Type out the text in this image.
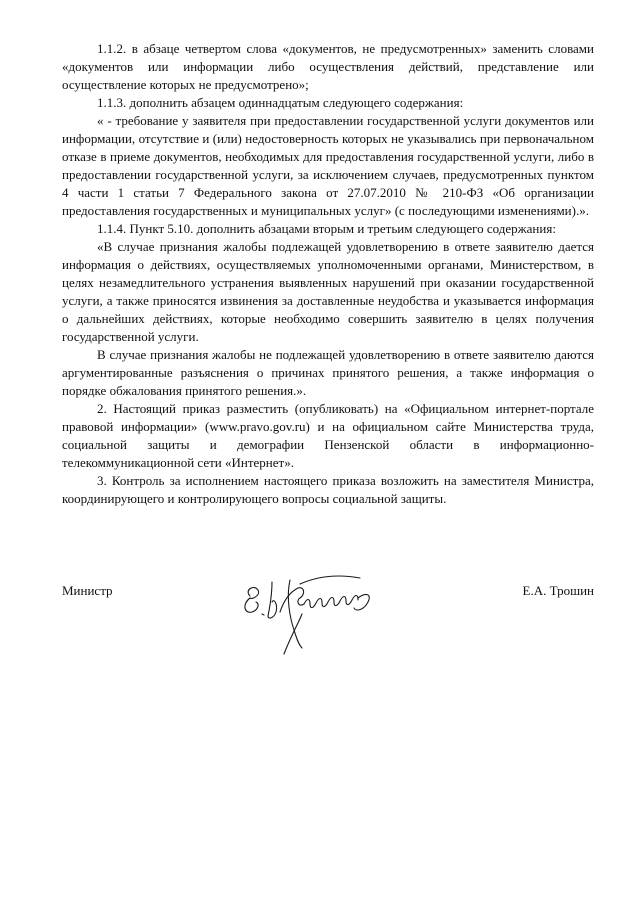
1.1.2. в абзаце четвертом слова «документов, не предусмотренных» заменить словами «документов или информации либо осуществления действий, представление или осуществление которых не предусмотрено»;

1.1.3. дополнить абзацем одиннадцатым следующего содержания:

« - требование у заявителя при предоставлении государственной услуги документов или информации, отсутствие и (или) недостоверность которых не указывались при первоначальном отказе в приеме документов, необходимых для предоставления государственной услуги, либо в предоставлении государственной услуги, за исключением случаев, предусмотренных пунктом 4 части 1 статьи 7 Федерального закона от 27.07.2010 № 210-ФЗ «Об организации предоставления государственных и муниципальных услуг» (с последующими изменениями).».

1.1.4. Пункт 5.10. дополнить абзацами вторым и третьим следующего содержания:

«В случае признания жалобы подлежащей удовлетворению в ответе заявителю дается информация о действиях, осуществляемых уполномоченными органами, Министерством, в целях незамедлительного устранения выявленных нарушений при оказании государственной услуги, а также приносятся извинения за доставленные неудобства и указывается информация о дальнейших действиях, которые необходимо совершить заявителю в целях получения государственной услуги.

В случае признания жалобы не подлежащей удовлетворению в ответе заявителю даются аргументированные разъяснения о причинах принятого решения, а также информация о порядке обжалования принятого решения.».

2. Настоящий приказ разместить (опубликовать) на «Официальном интернет-портале правовой информации» (www.pravo.gov.ru) и на официальном сайте Министерства труда, социальной защиты и демографии Пензенской области в информационно-телекоммуникационной сети «Интернет».

3. Контроль за исполнением настоящего приказа возложить на заместителя Министра, координирующего и контролирующего вопросы социальной защиты.

Министр	Е.А. Трошин
